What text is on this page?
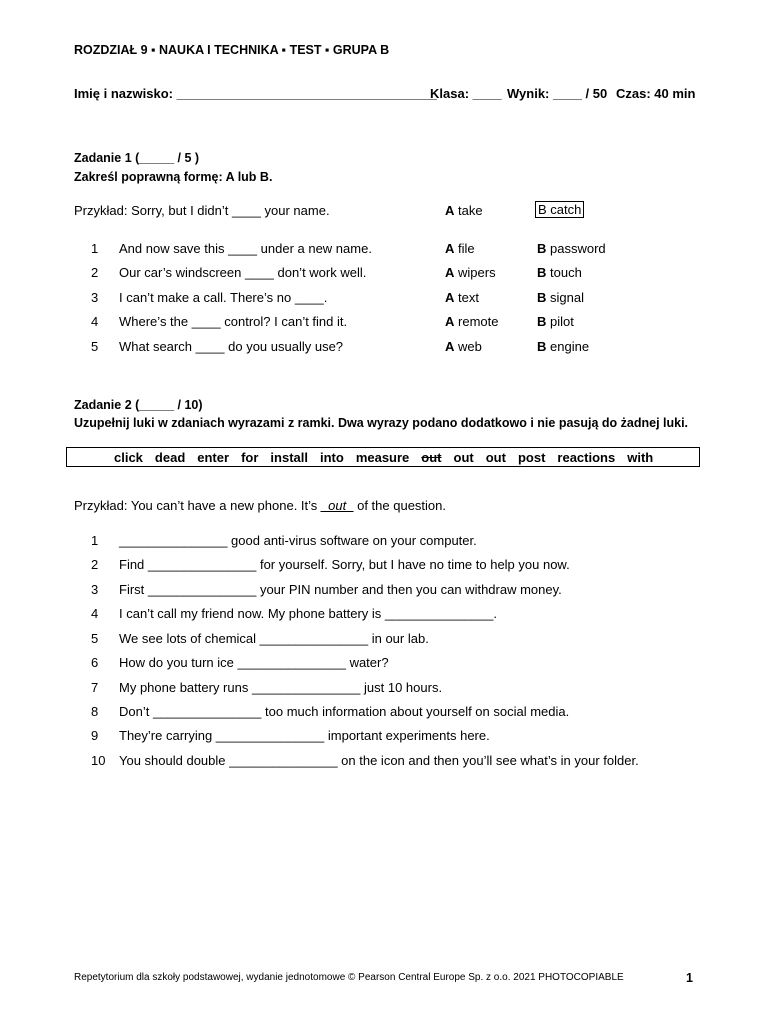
ROZDZIAŁ 9 ▪ NAUKA I TECHNIKA ▪ TEST ▪ GRUPA B
Imię i nazwisko: ____________________________________
Klasa: ____ Wynik: ____ / 50 Czas: 40 min
Zadanie 1 (_____ / 5 )
Zakreśl poprawną formę: A lub B.
Przykład: Sorry, but I didn’t ____ your name.	A take	B catch
1 And now save this ____ under a new name.	A file	B password
2 Our car’s windscreen ____ don’t work well.	A wipers	B touch
3 I can’t make a call. There’s no ____.	A text	B signal
4 Where’s the ____ control? I can’t find it.	A remote	B pilot
5 What search ____ do you usually use?	A web	B engine
Zadanie 2 (_____ / 10)
Uzupełnij luki w zdaniach wyrazami z ramki. Dwa wyrazy podano dodatkowo i nie pasują do żadnej luki.
click dead enter for install into measure out out out post reactions with
Przykład: You can’t have a new phone. It’s _out_ of the question.
1 _______________ good anti-virus software on your computer.
2 Find _______________ for yourself. Sorry, but I have no time to help you now.
3 First _______________ your PIN number and then you can withdraw money.
4 I can’t call my friend now. My phone battery is _______________.
5 We see lots of chemical _______________ in our lab.
6 How do you turn ice _______________ water?
7 My phone battery runs _______________ just 10 hours.
8 Don’t _______________ too much information about yourself on social media.
9 They’re carrying _______________ important experiments here.
10 You should double _______________ on the icon and then you’ll see what’s in your folder.
Repetytorium dla szkoły podstawowej, wydanie jednotomowe © Pearson Central Europe Sp. z o.o. 2021 PHOTOCOPIABLE	1
